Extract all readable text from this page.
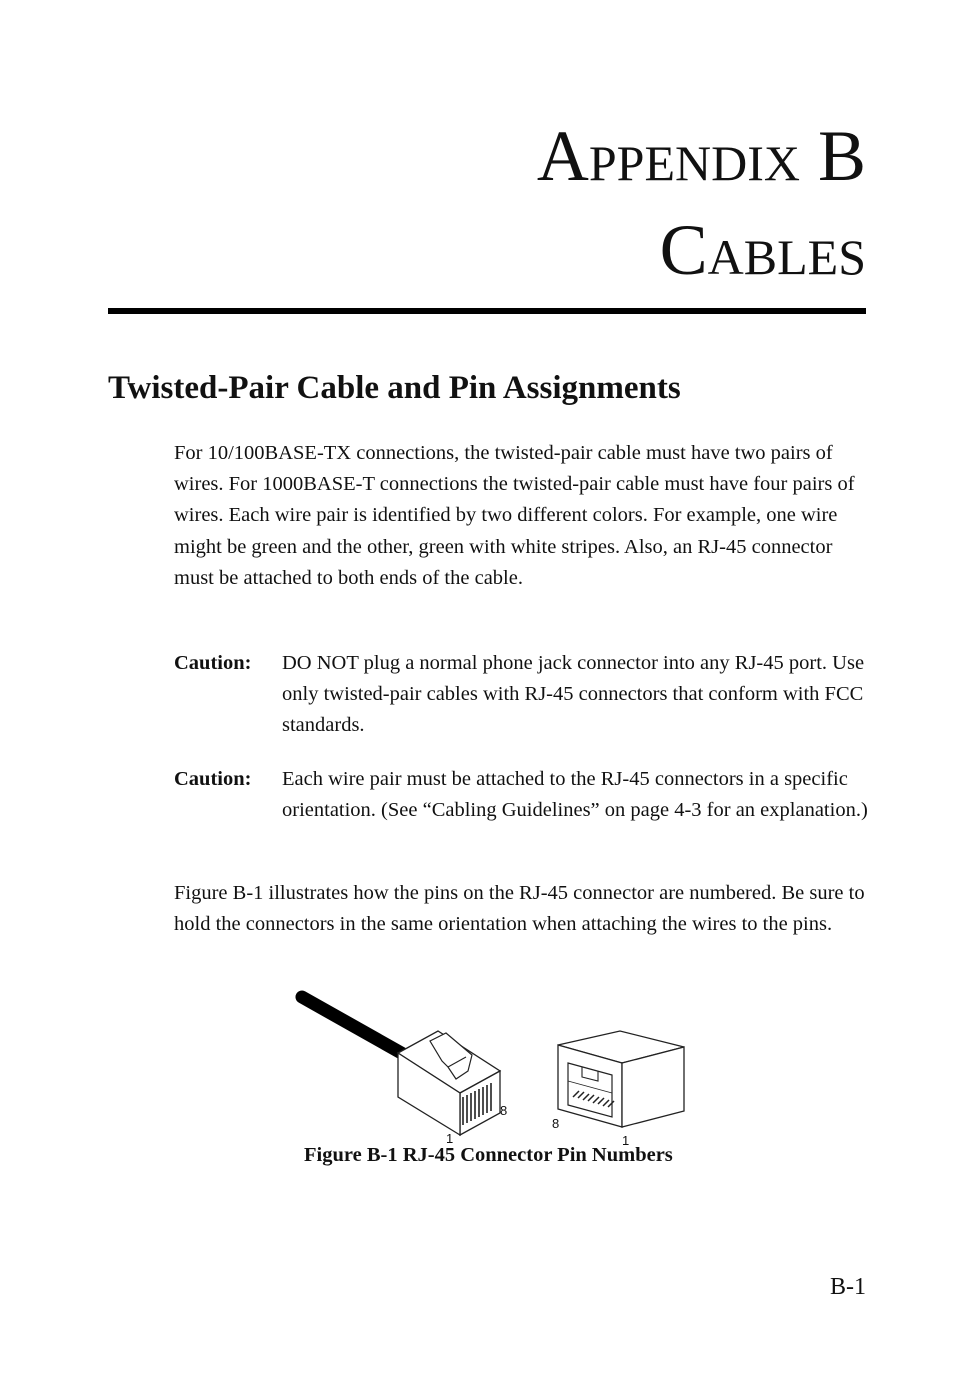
Appendix B
Cables
Twisted-Pair Cable and Pin Assignments
For 10/100BASE-TX connections, the twisted-pair cable must have two pairs of wires. For 1000BASE-T connections the twisted-pair cable must have four pairs of wires. Each wire pair is identified by two different colors. For example, one wire might be green and the other, green with white stripes. Also, an RJ-45 connector must be attached to both ends of the cable.
Caution: DO NOT plug a normal phone jack connector into any RJ-45 port. Use only twisted-pair cables with RJ-45 connectors that conform with FCC standards.
Caution: Each wire pair must be attached to the RJ-45 connectors in a specific orientation. (See “Cabling Guidelines” on page 4-3 for an explanation.)
Figure B-1 illustrates how the pins on the RJ-45 connector are numbered. Be sure to hold the connectors in the same orientation when attaching the wires to the pins.
1
8
8
1
Figure B-1 RJ-45 Connector Pin Numbers
B-1
